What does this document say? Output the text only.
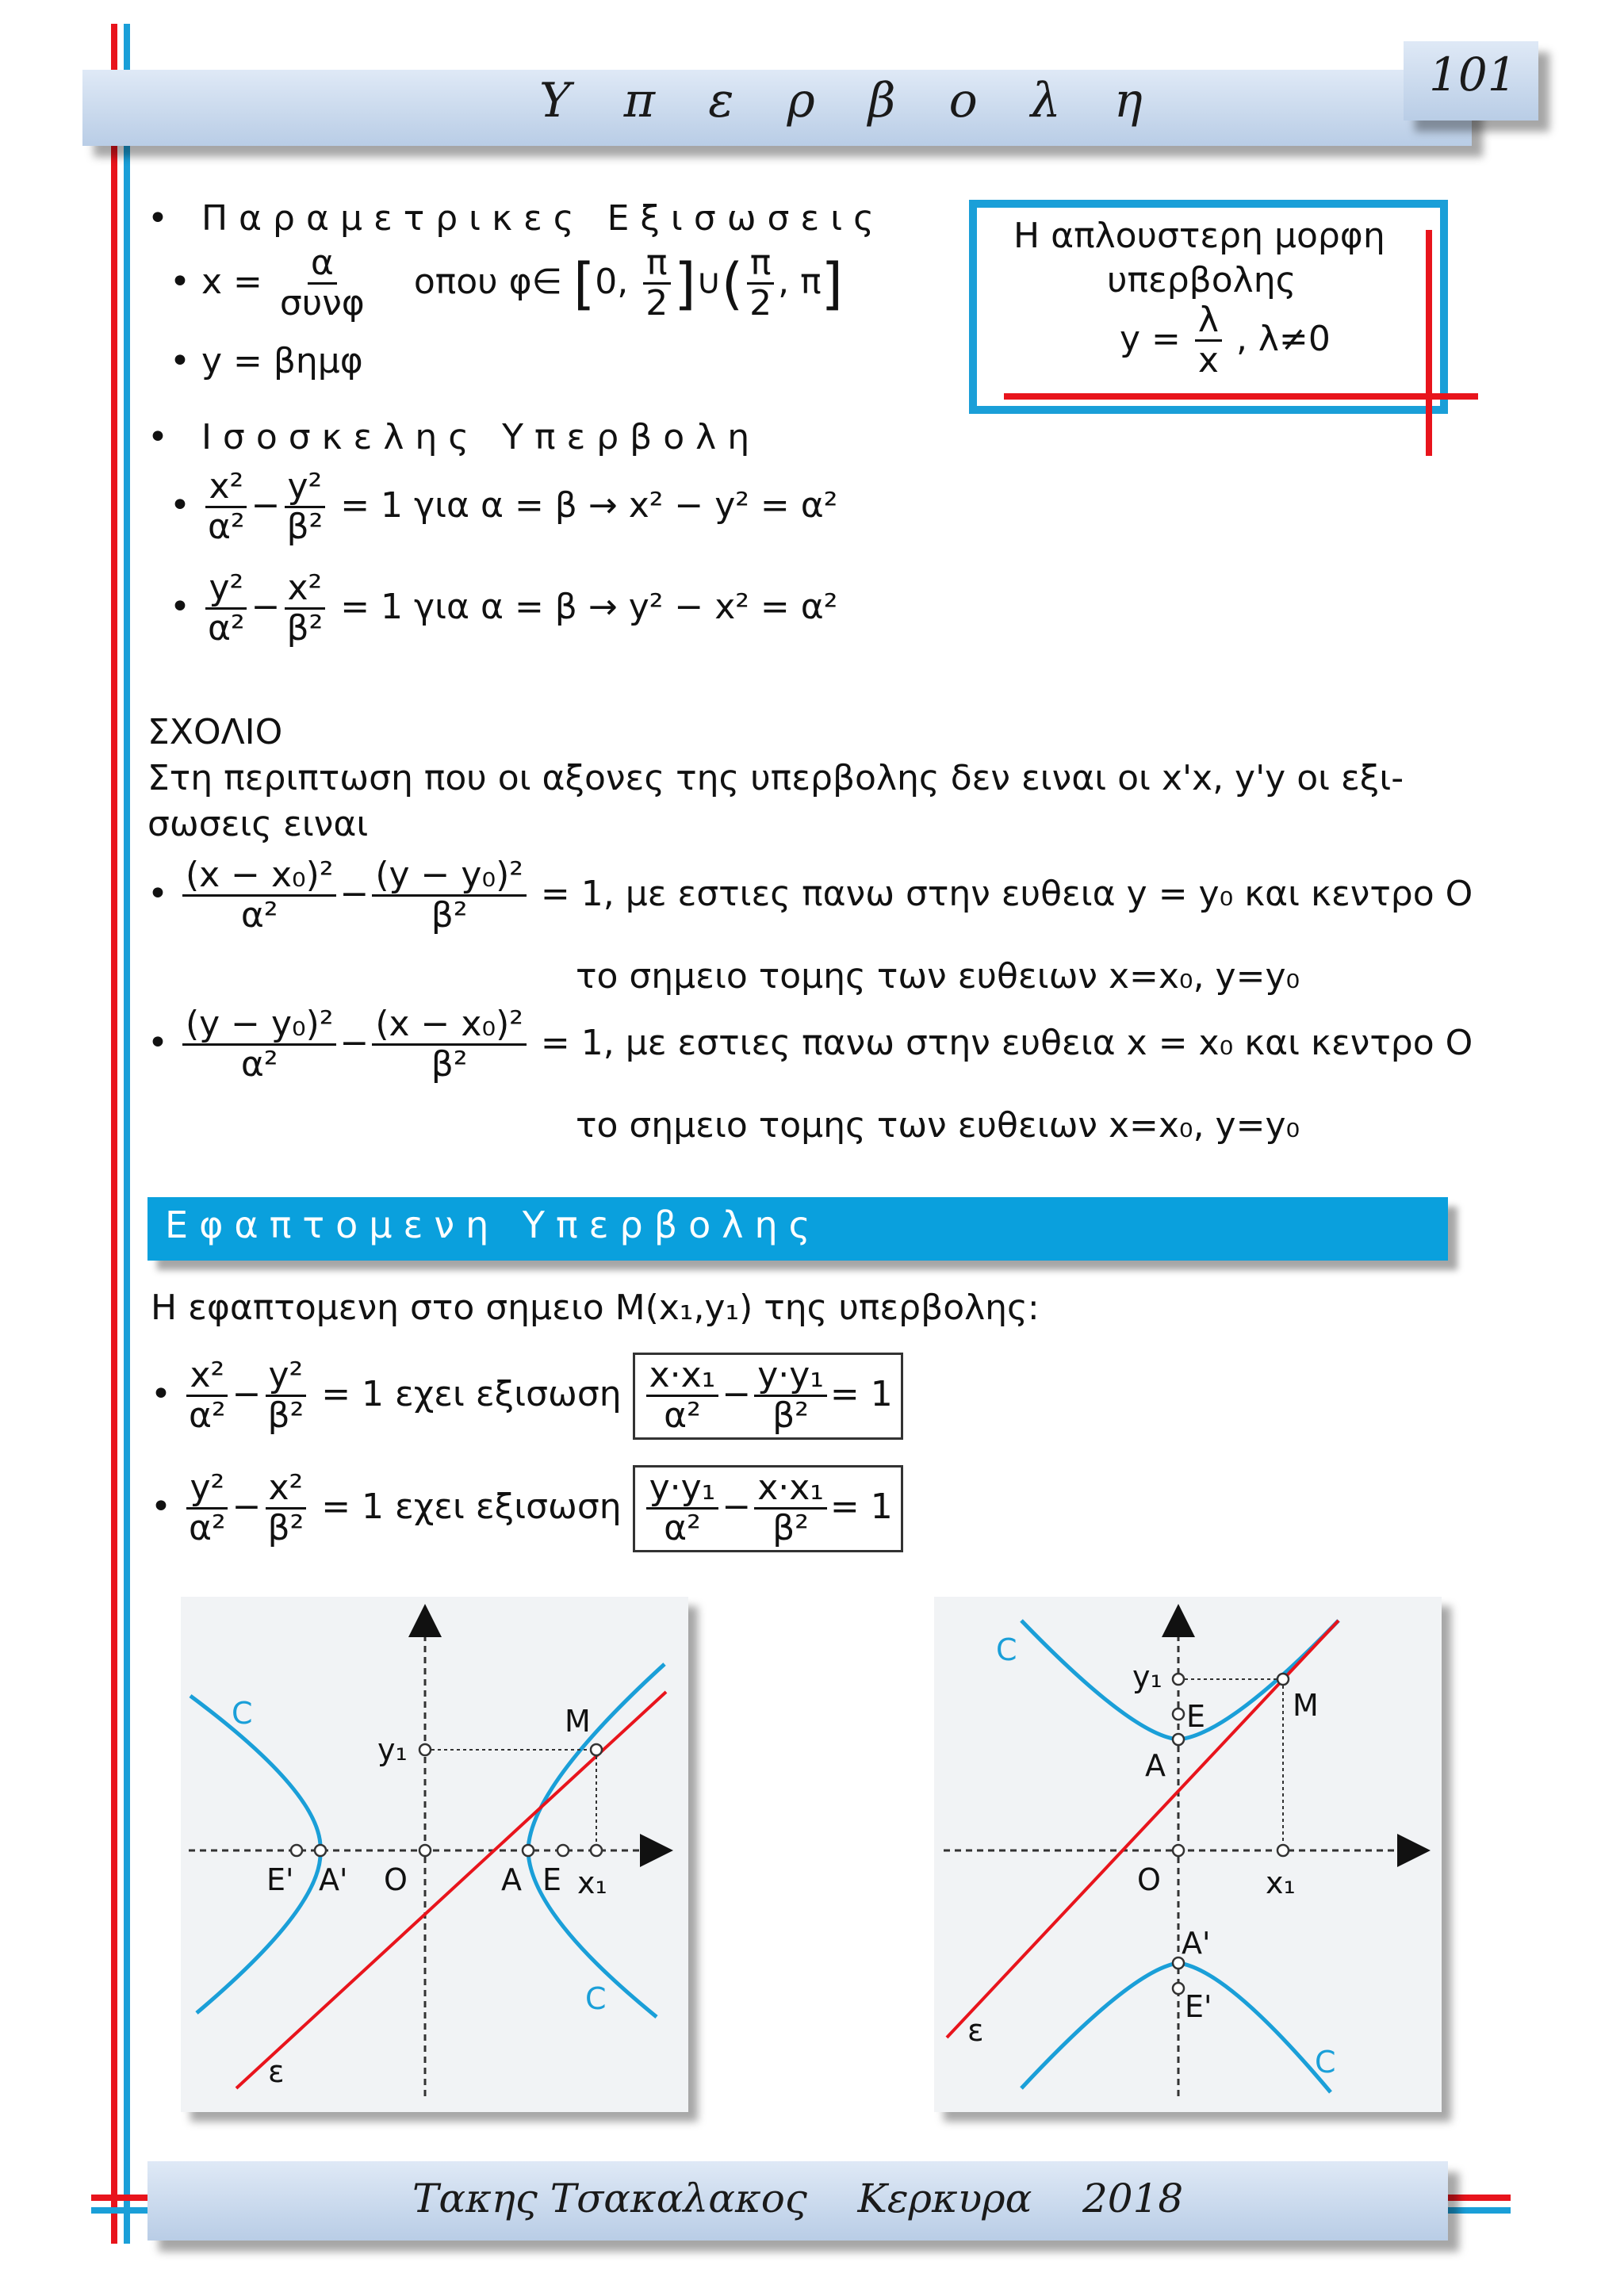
Υ π ε ρ β ο λ η	101
Η απλουστερη μορφη
υπερβολης
$y = \frac{\lambda}{x}$ , λ≠0
• Παραμετρικες Εξισωσεις
• $x = \frac{\alpha}{\text{συνφ}}$ οπου φ∈ [0, $\frac{\pi}{2}$ ]∪( $\frac{\pi}{2}$ , π]
• y = βημφ
• Ισοσκελης Υπερβολη
• $\frac{\text{x²}}{\text{α²}} - \frac{\text{y²}}{\text{β²}} = 1$ για α = β → x² − y² = α²
• $\frac{\text{y²}}{\text{α²}} - \frac{\text{x²}}{\text{β²}} = 1$ για α = β → y² − x² = α²
ΣΧΟΛΙΟ
Στη περιπτωση που οι αξονες της υπερβολης δεν ειναι οι x'x, y'y οι εξι-
σωσεις ειναι
• $\frac{\text{(x − x₀)²}}{\text{α²}} - \frac{\text{(y − y₀)²}}{\text{β²}} = 1$, με εστιες πανω στην ευθεια y = y₀ και κεντρο Ο
το σημειο τομης των ευθειων x=x₀, y=y₀
• $\frac{\text{(y − y₀)²}}{\text{α²}} - \frac{\text{(x − x₀)²}}{\text{β²}} = 1$, με εστιες πανω στην ευθεια x = x₀ και κεντρο Ο
το σημειο τομης των ευθειων x=x₀, y=y₀
Εφαπτομενη Υπερβολης
Η εφαπτομενη στο σημειο Μ(x₁,y₁) της υπερβολης:
• $\frac{\text{x²}}{\text{α²}} - \frac{\text{y²}}{\text{β²}} = 1$ εχει εξισωση $\frac{\text{x·x₁}}{\text{α²}} - \frac{\text{y·y₁}}{\text{β²}} = 1$
• $\frac{\text{y²}}{\text{α²}} - \frac{\text{x²}}{\text{β²}} = 1$ εχει εξισωση $\frac{\text{y·y₁}}{\text{α²}} - \frac{\text{x·x₁}}{\text{β²}} = 1$
C
C
M
y₁
E' A' O	A E x₁
ε
C
C
M
y₁
E
A
O	x₁
A'
E'
ε
Τακης Τσακαλακος    Κερκυρα    2018
